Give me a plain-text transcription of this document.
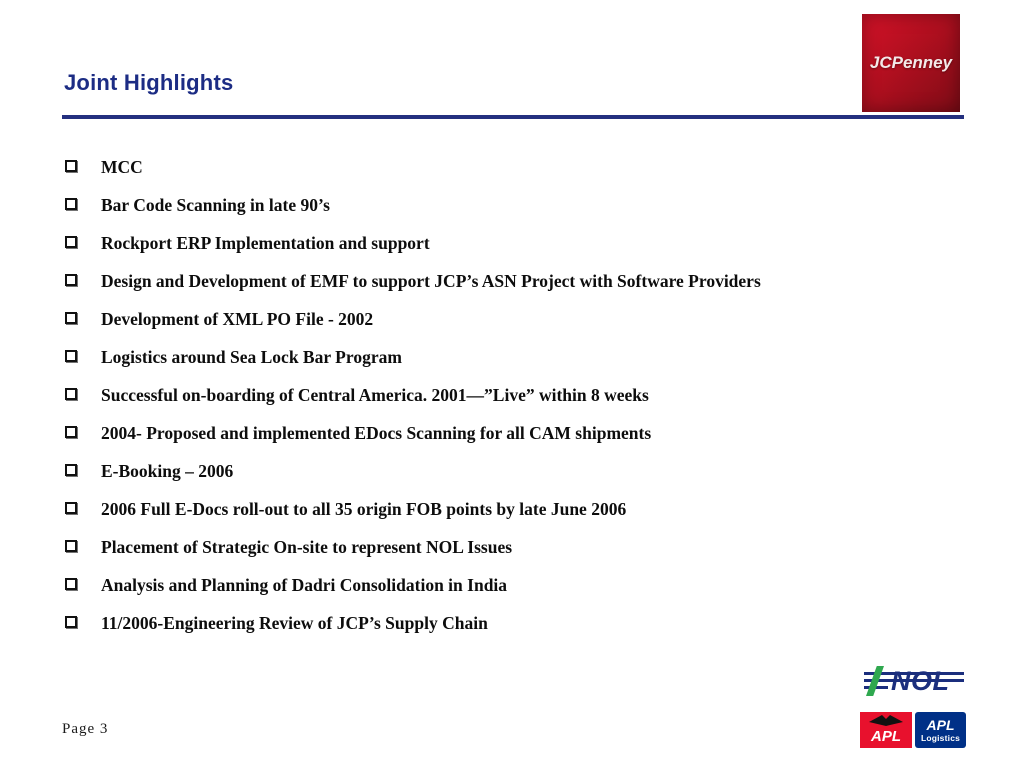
Joint Highlights
JCPenney
MCC
Bar Code Scanning in late 90’s
Rockport ERP Implementation and support
Design and Development of EMF to support JCP’s ASN Project with Software Providers
Development of XML PO File - 2002
Logistics around Sea Lock Bar Program
Successful on-boarding of Central America. 2001—”Live” within 8 weeks
2004- Proposed and implemented EDocs Scanning for all CAM shipments
E-Booking – 2006
2006 Full E-Docs roll-out to all 35 origin FOB points by late June 2006
Placement of Strategic On-site to represent NOL Issues
Analysis and Planning of Dadri Consolidation in India
11/2006-Engineering Review of JCP’s Supply Chain
Page 3
NOL
APL
APL
Logistics
